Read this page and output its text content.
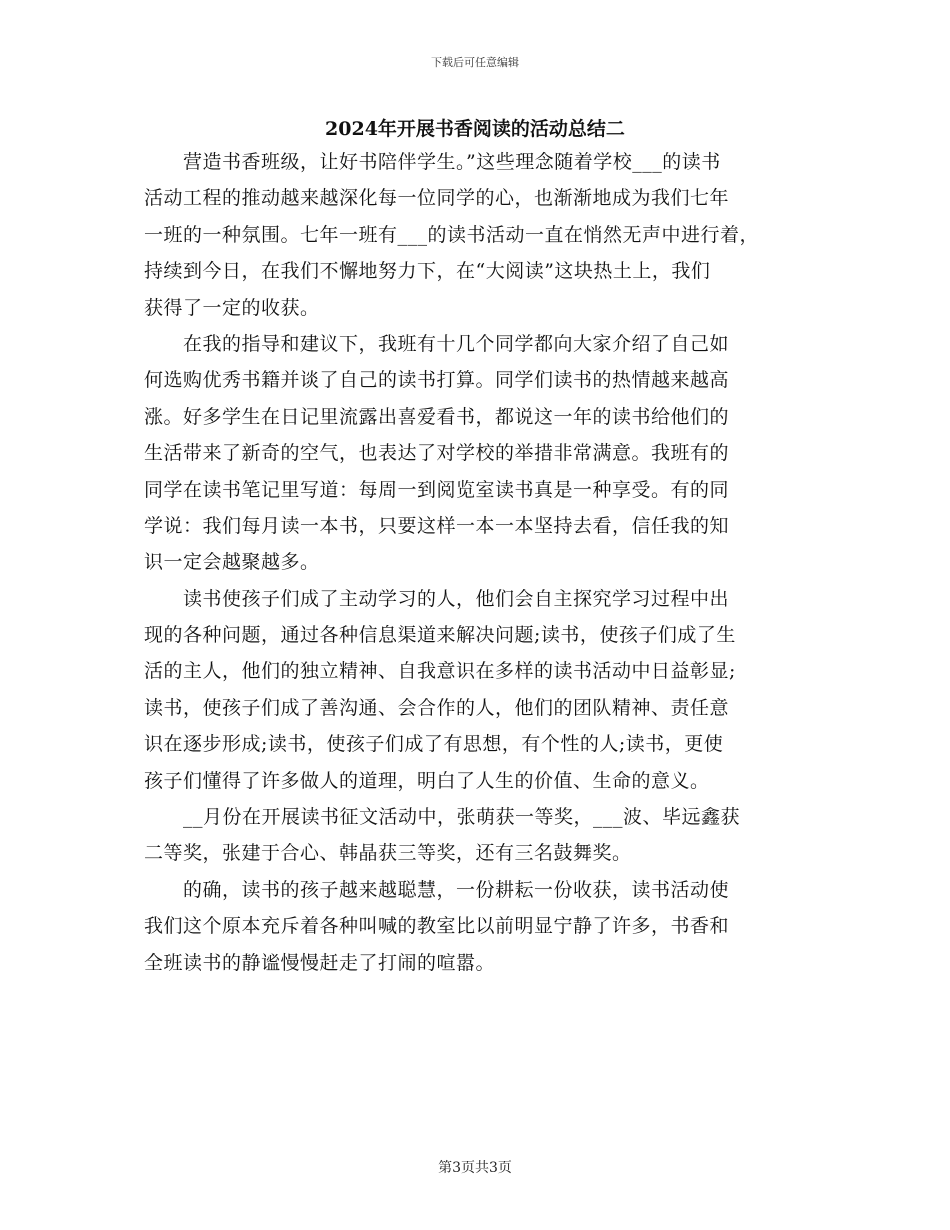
下载后可任意编辑
2024年开展书香阅读的活动总结二
　　营造书香班级，让好书陪伴学生。”这些理念随着学校___的读书
活动工程的推动越来越深化每一位同学的心，也渐渐地成为我们七年
一班的一种氛围。七年一班有___的读书活动一直在悄然无声中进行着，
持续到今日，在我们不懈地努力下，在“大阅读”这块热土上，我们
获得了一定的收获。
　　在我的指导和建议下，我班有十几个同学都向大家介绍了自己如
何选购优秀书籍并谈了自己的读书打算。同学们读书的热情越来越高
涨。好多学生在日记里流露出喜爱看书，都说这一年的读书给他们的
生活带来了新奇的空气，也表达了对学校的举措非常满意。我班有的
同学在读书笔记里写道：每周一到阅览室读书真是一种享受。有的同
学说：我们每月读一本书，只要这样一本一本坚持去看，信任我的知
识一定会越聚越多。
　　读书使孩子们成了主动学习的人，他们会自主探究学习过程中出
现的各种问题，通过各种信息渠道来解决问题;读书，使孩子们成了生
活的主人，他们的独立精神、自我意识在多样的读书活动中日益彰显;
读书，使孩子们成了善沟通、会合作的人，他们的团队精神、责任意
识在逐步形成;读书，使孩子们成了有思想，有个性的人;读书，更使
孩子们懂得了许多做人的道理，明白了人生的价值、生命的意义。
　　__月份在开展读书征文活动中，张萌获一等奖，___波、毕远鑫获
二等奖，张建于合心、韩晶获三等奖，还有三名鼓舞奖。
　　的确，读书的孩子越来越聪慧，一份耕耘一份收获，读书活动使
我们这个原本充斥着各种叫喊的教室比以前明显宁静了许多，书香和
全班读书的静谧慢慢赶走了打闹的喧嚣。
第3页共3页
